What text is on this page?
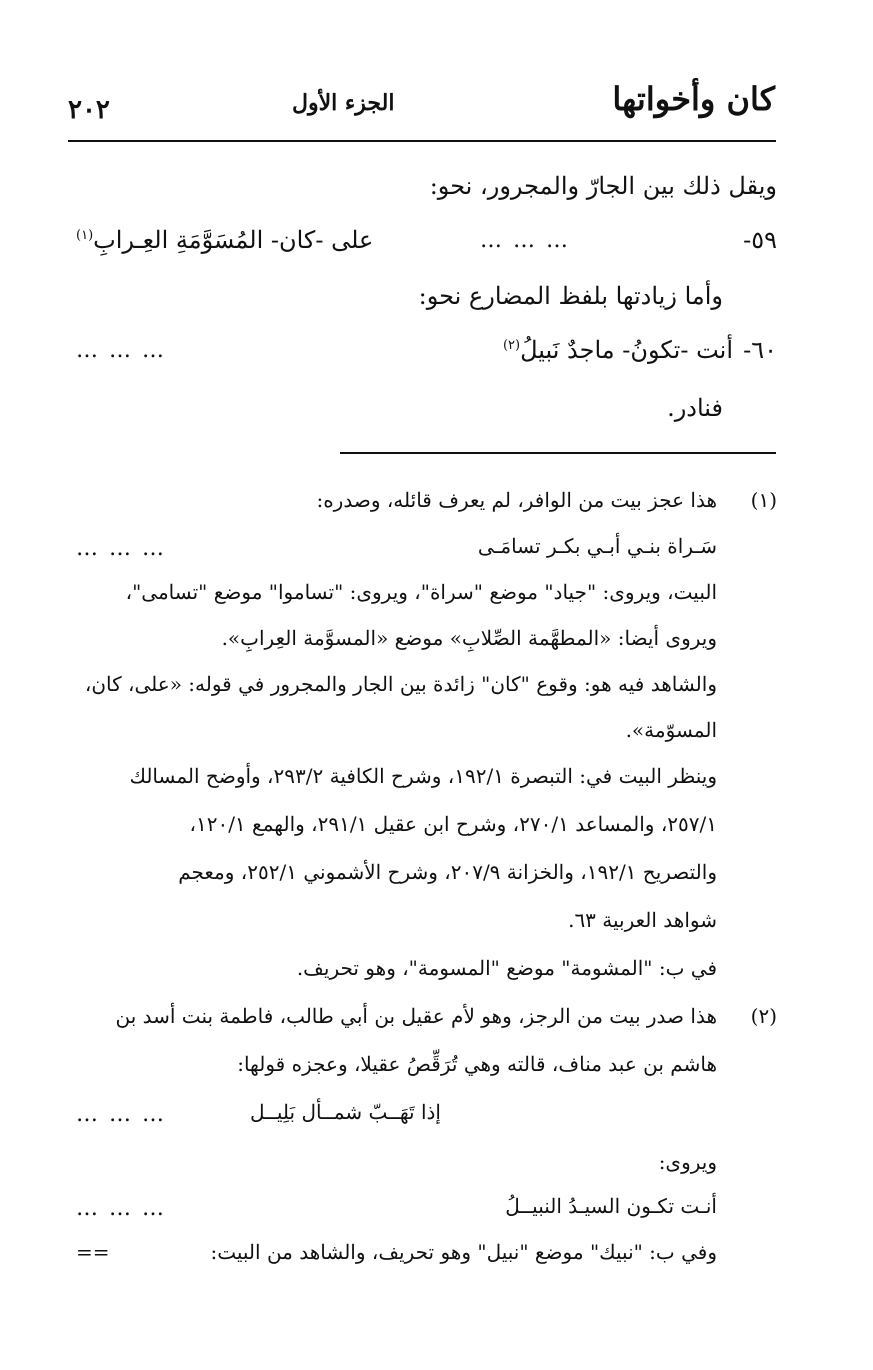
كان وأخواتها
الجزء الأول
٢٠٢
ويقل ذلك بين الجارّ والمجرور، نحو:
٥٩-
… … …
على -كان- المُسَوَّمَةِ العِـرابِ$^{(١)}$
وأما زيادتها بلفظ المضارع نحو:
٦٠-
أنت -تكونُ- ماجدٌ نَبيلُ$^{(٢)}$
… … …
فنادر.
(١)
هذا عجز بيت من الوافر، لم يعرف قائله، وصدره:
سَـراة بنـي أبـي بكـر تسامَـى
… … …
البيت، ويروى: "جياد" موضع "سراة"، ويروى: "تساموا" موضع "تسامى"،
ويروى أيضا: «المطهَّمة الصِّلابِ» موضع «المسوَّمة العِرابِ».
والشاهد فيه هو: وقوع "كان" زائدة بين الجار والمجرور في قوله: «على، كان،
المسوّمة».
وينظر البيت في: التبصرة ١٩٢/١، وشرح الكافية ٢٩٣/٢، وأوضح المسالك
٢٥٧/١، والمساعد ٢٧٠/١، وشرح ابن عقيل ٢٩١/١، والهمع ١٢٠/١،
والتصريح ١٩٢/١، والخزانة ٢٠٧/٩، وشرح الأشموني ٢٥٢/١، ومعجم
شواهد العربية ٦٣.
في ب: "المشومة" موضع "المسومة"، وهو تحريف.
(٢)
هذا صدر بيت من الرجز، وهو لأم عقيل بن أبي طالب، فاطمة بنت أسد بن
هاشم بن عبد مناف، قالته وهي تُرَقِّصُ عقيلا، وعجزه قولها:
… … …	إذا تَهَــبّ شمــأل بَلِيــل
ويروى:
أنـت تكـون السيـدُ النبيــلُ
… … …
وفي ب: "نبيك" موضع "نبيل" وهو تحريف، والشاهد من البيت:
==
